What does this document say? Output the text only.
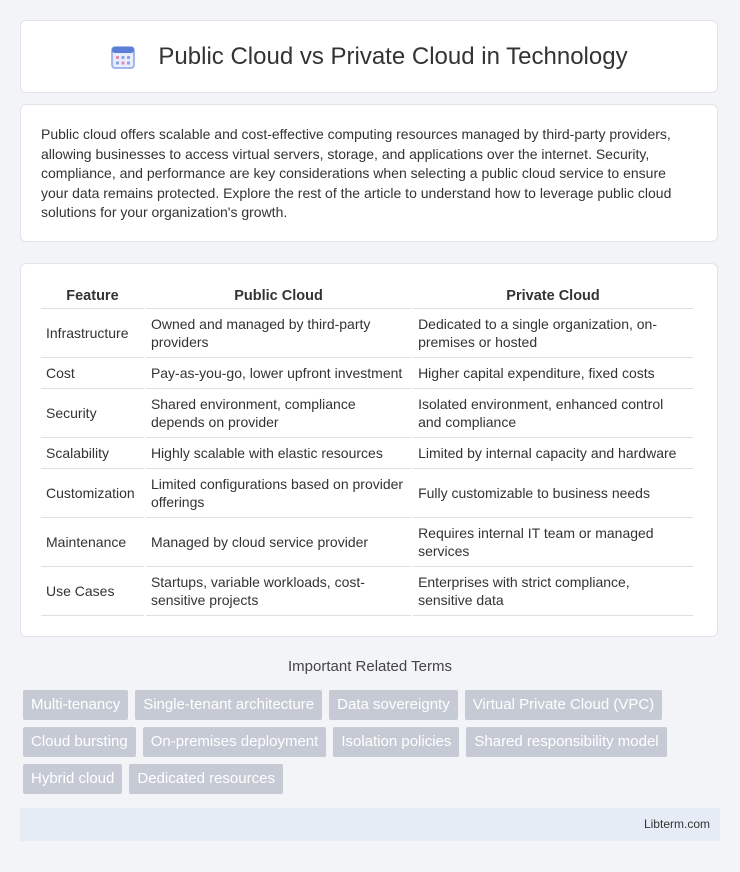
Public Cloud vs Private Cloud in Technology

Public cloud offers scalable and cost-effective computing resources managed by third-party providers, allowing businesses to access virtual servers, storage, and applications over the internet. Security, compliance, and performance are key considerations when selecting a public cloud service to ensure your data remains protected. Explore the rest of the article to understand how to leverage public cloud solutions for your organization's growth.

Feature	Public Cloud	Private Cloud
Infrastructure	Owned and managed by third-party providers	Dedicated to a single organization, on-premises or hosted
Cost	Pay-as-you-go, lower upfront investment	Higher capital expenditure, fixed costs
Security	Shared environment, compliance depends on provider	Isolated environment, enhanced control and compliance
Scalability	Highly scalable with elastic resources	Limited by internal capacity and hardware
Customization	Limited configurations based on provider offerings	Fully customizable to business needs
Maintenance	Managed by cloud service provider	Requires internal IT team or managed services
Use Cases	Startups, variable workloads, cost-sensitive projects	Enterprises with strict compliance, sensitive data
Important Related Terms
Multi-tenancy	Single-tenant architecture	Data sovereignty	Virtual Private Cloud (VPC)
Cloud bursting	On-premises deployment	Isolation policies	Shared responsibility model
Hybrid cloud	Dedicated resources
Libterm.com
